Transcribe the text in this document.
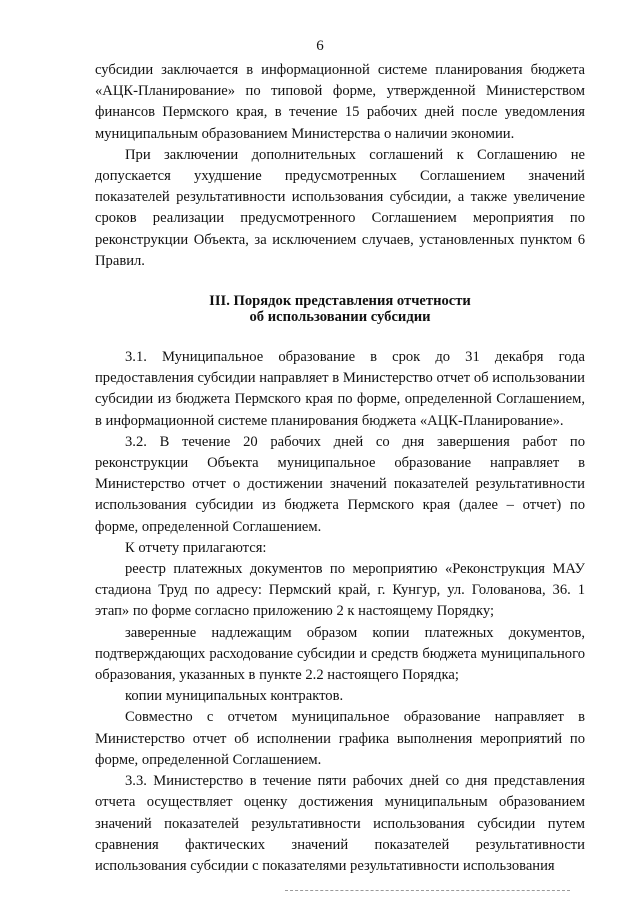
6

субсидии заключается в информационной системе планирования бюджета «АЦК-Планирование» по типовой форме, утвержденной Министерством финансов Пермского края, в течение 15 рабочих дней после уведомления муниципальным образованием Министерства о наличии экономии.

При заключении дополнительных соглашений к Соглашению не допускается ухудшение предусмотренных Соглашением значений показателей результативности использования субсидии, а также увеличение сроков реализации предусмотренного Соглашением мероприятия по реконструкции Объекта, за исключением случаев, установленных пунктом 6 Правил.

III. Порядок представления отчетности
об использовании субсидии

3.1. Муниципальное образование в срок до 31 декабря года предоставления субсидии направляет в Министерство отчет об использовании субсидии из бюджета Пермского края по форме, определенной Соглашением, в информационной системе планирования бюджета «АЦК-Планирование».

3.2. В течение 20 рабочих дней со дня завершения работ по реконструкции Объекта муниципальное образование направляет в Министерство отчет о достижении значений показателей результативности использования субсидии из бюджета Пермского края (далее – отчет) по форме, определенной Соглашением.

К отчету прилагаются:

реестр платежных документов по мероприятию «Реконструкция МАУ стадиона Труд по адресу: Пермский край, г. Кунгур, ул. Голованова, 36. 1 этап» по форме согласно приложению 2 к настоящему Порядку;

заверенные надлежащим образом копии платежных документов, подтверждающих расходование субсидии и средств бюджета муниципального образования, указанных в пункте 2.2 настоящего Порядка;

копии муниципальных контрактов.

Совместно с отчетом муниципальное образование направляет в Министерство отчет об исполнении графика выполнения мероприятий по форме, определенной Соглашением.

3.3. Министерство в течение пяти рабочих дней со дня представления отчета осуществляет оценку достижения муниципальным образованием значений показателей результативности использования субсидии путем сравнения фактических значений показателей результативности использования субсидии с показателями результативности использования
